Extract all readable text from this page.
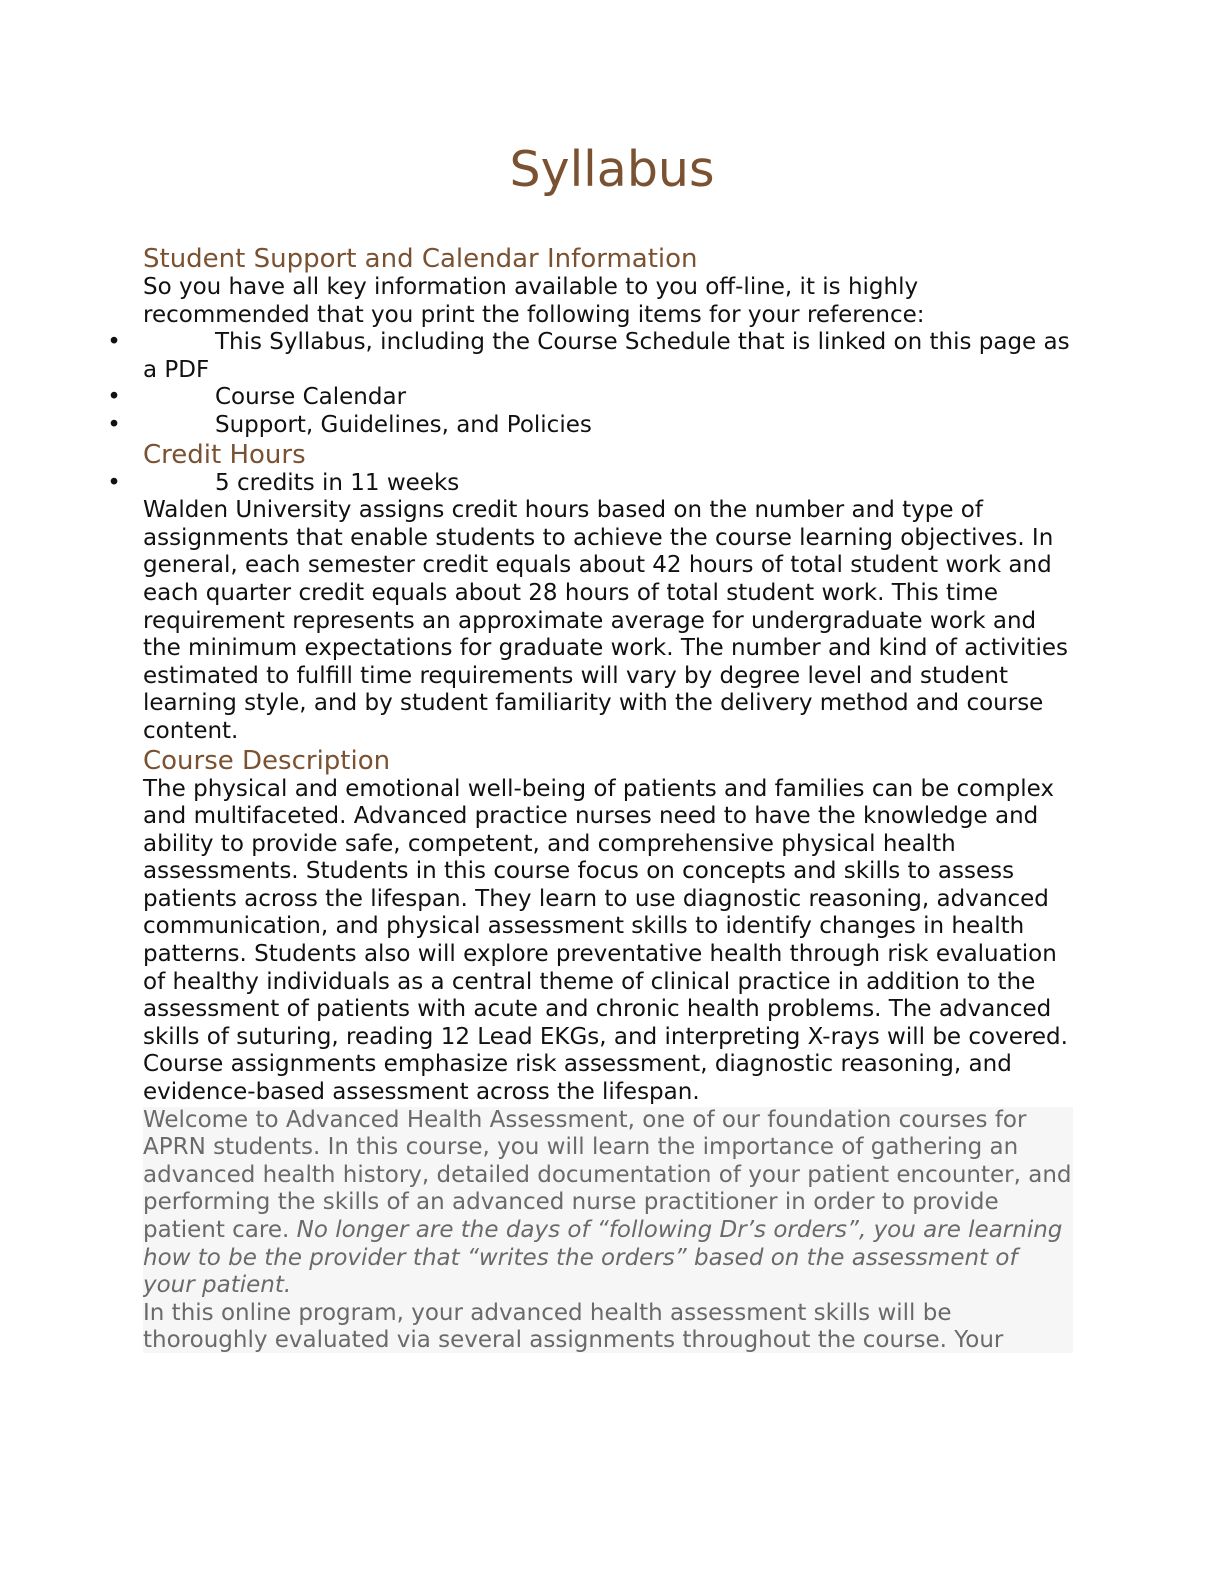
Syllabus
Student Support and Calendar Information

So you have all key information available to you off-line, it is highly recommended that you print the following items for your reference:

•	This Syllabus, including the Course Schedule that is linked on this page as a PDF
•	Course Calendar
•	Support, Guidelines, and Policies
Credit Hours
•	5 credits in 11 weeks

Walden University assigns credit hours based on the number and type of assignments that enable students to achieve the course learning objectives. In general, each semester credit equals about 42 hours of total student work and each quarter credit equals about 28 hours of total student work. This time requirement represents an approximate average for undergraduate work and the minimum expectations for graduate work. The number and kind of activities estimated to fulfill time requirements will vary by degree level and student learning style, and by student familiarity with the delivery method and course content.

Course Description

The physical and emotional well-being of patients and families can be complex and multifaceted. Advanced practice nurses need to have the knowledge and ability to provide safe, competent, and comprehensive physical health assessments. Students in this course focus on concepts and skills to assess patients across the lifespan. They learn to use diagnostic reasoning, advanced communication, and physical assessment skills to identify changes in health patterns. Students also will explore preventative health through risk evaluation of healthy individuals as a central theme of clinical practice in addition to the assessment of patients with acute and chronic health problems. The advanced skills of suturing, reading 12 Lead EKGs, and interpreting X-rays will be covered. Course assignments emphasize risk assessment, diagnostic reasoning, and evidence-based assessment across the lifespan.

Welcome to Advanced Health Assessment, one of our foundation courses for APRN students. In this course, you will learn the importance of gathering an advanced health history, detailed documentation of your patient encounter, and performing the skills of an advanced nurse practitioner in order to provide patient care. No longer are the days of “following Dr’s orders”, you are learning how to be the provider that “writes the orders” based on the assessment of your patient.

In this online program, your advanced health assessment skills will be thoroughly evaluated via several assignments throughout the course. Your
